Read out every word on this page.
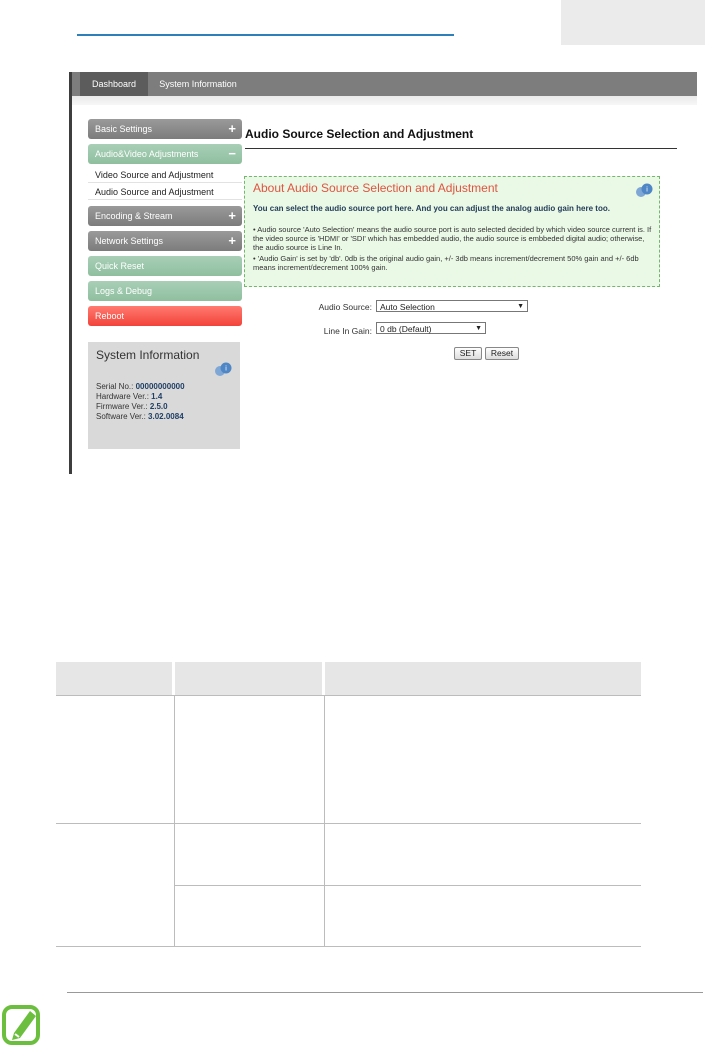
Dashboard	System Information
Basic Settings	+
Audio&Video Adjustments −
Video Source and Adjustment
Audio Source and Adjustment
Encoding & Stream	+
Network Settings	+
Quick Reset
Logs & Debug
Reboot
System Information
i
Serial No.: 00000000000
Hardware Ver.: 1.4
Firmware Ver.: 2.5.0
Software Ver.: 3.02.0084
Audio Source Selection and Adjustment
About Audio Source Selection and Adjustment	i
You can select the audio source port here. And you can adjust the analog audio gain here too.
• Audio source 'Auto Selection' means the audio source port is auto selected decided by which video source current is. If the video source is 'HDMI' or 'SDI' which has embedded audio, the audio source is embbeded digital audio; otherwise, the audio source is Line In.
• 'Audio Gain' is set by 'db'. 0db is the original audio gain, +/- 3db means increment/decrement 50% gain and +/- 6db means increment/decrement 100% gain.
Audio Source: Auto Selection	▼
Line In Gain: 0 db (Default)	▼
SET	Reset
